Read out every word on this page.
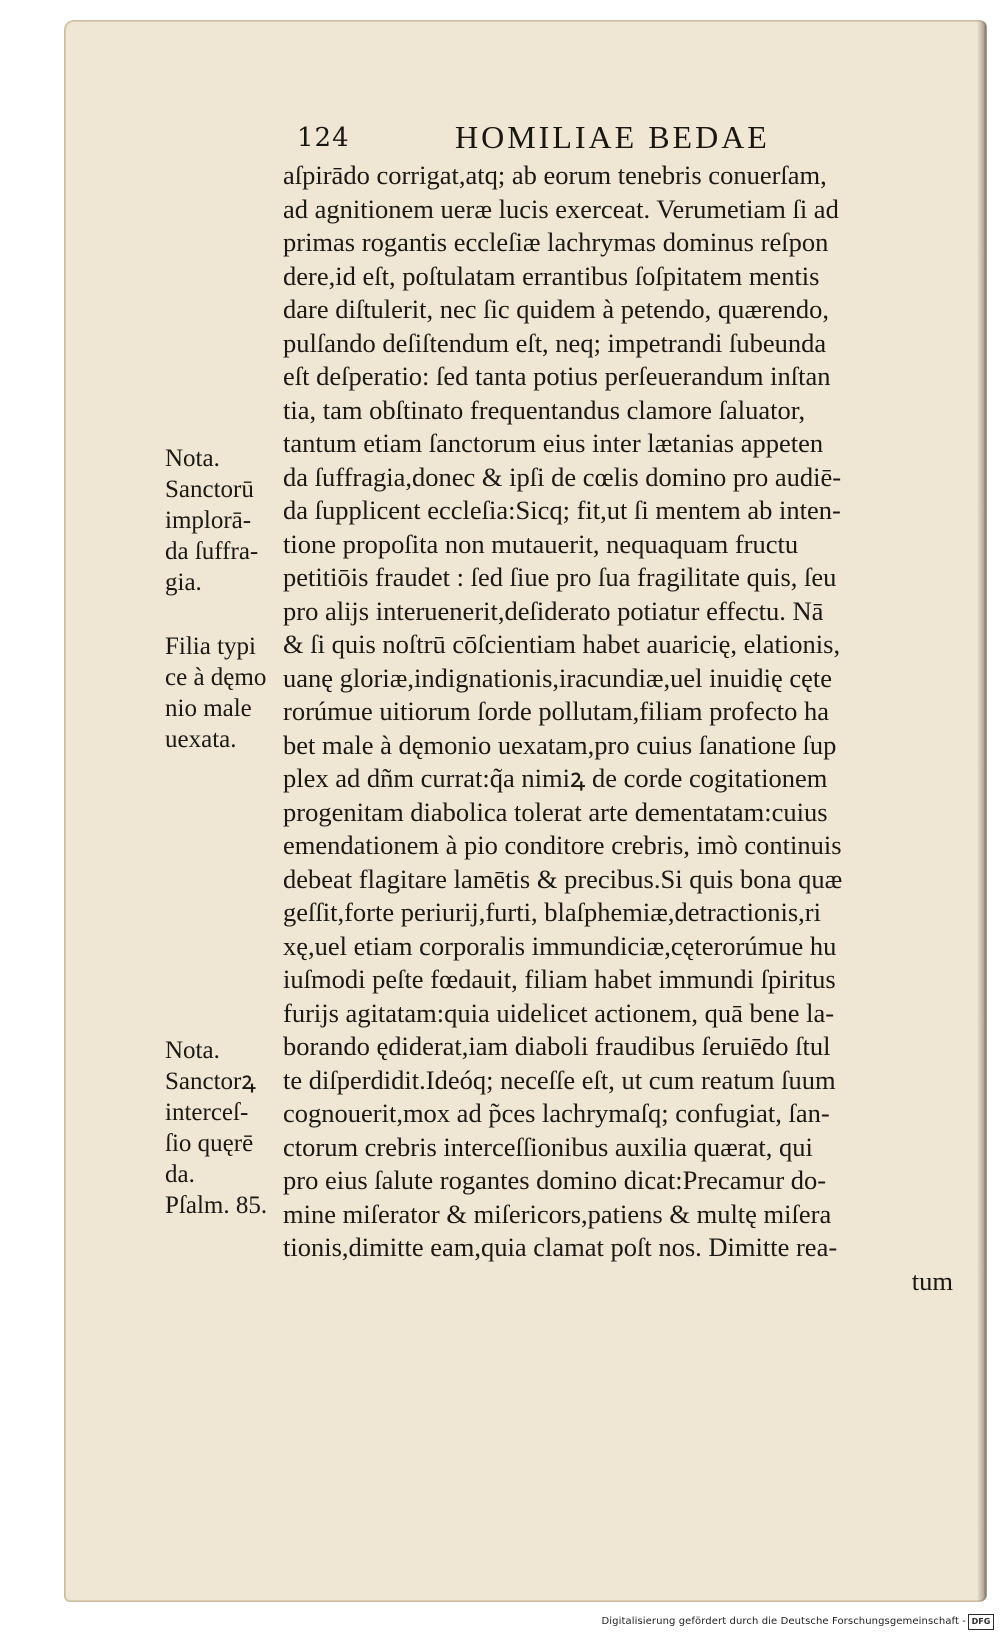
124	HOMILIAE BEDAE
aſpirādo corrigat,atq; ab eorum tenebris conuerſam,
ad agnitionem ueræ lucis exerceat. Verumetiam ſi ad
primas rogantis eccleſiæ lachrymas dominus reſpon
dere,id eſt, poſtulatam errantibus ſoſpitatem mentis
dare diſtulerit, nec ſic quidem à petendo, quærendo,
pulſando deſiſtendum eſt, neq; impetrandi ſubeunda
eſt deſperatio: ſed tanta potius perſeuerandum inſtan
tia, tam obſtinato frequentandus clamore ſaluator,
tantum etiam ſanctorum eius inter lætanias appeten
da ſuffragia,donec & ipſi de cœlis domino pro audiē-
da ſupplicent eccleſia:Sicq; fit,ut ſi mentem ab inten-
tione propoſita non mutauerit, nequaquam fructu
petitiōis fraudet : ſed ſiue pro ſua fragilitate quis, ſeu
pro alijs interuenerit,deſiderato potiatur effectu. Nā
& ſi quis noſtrū cōſcientiam habet auaricię, elationis,
uanę gloriæ,indignationis,iracundiæ,uel inuidię cęte
rorúmue uitiorum ſorde pollutam,filiam profecto ha
bet male à dęmonio uexatam,pro cuius ſanatione ſup
plex ad dñm currat:q̃a nimiꝝ de corde cogitationem
progenitam diabolica tolerat arte dementatam:cuius
emendationem à pio conditore crebris, imò continuis
debeat flagitare lamētis & precibus.Si quis bona quæ
geſſit,forte periurij,furti, blaſphemiæ,detractionis,ri
xę,uel etiam corporalis immundiciæ,cęterorúmue hu
iuſmodi peſte fœdauit, filiam habet immundi ſpiritus
furijs agitatam:quia uidelicet actionem, quā bene la-
borando ędiderat,iam diaboli fraudibus ſeruiēdo ſtul
te diſperdidit.Ideóq; neceſſe eſt, ut cum reatum ſuum
cognouerit,mox ad p̃ces lachrymaſq; confugiat, ſan-
ctorum crebris interceſſionibus auxilia quærat, qui
pro eius ſalute rogantes domino dicat:Precamur do-
mine miſerator & miſericors,patiens & multę miſera
tionis,dimitte eam,quia clamat poſt nos. Dimitte rea-
tum
Nota.
Sanctorū
implorā-
da ſuffra-
gia.
Filia typi
ce à dęmo
nio male
uexata.
Nota.
Sanctorꝝ
interceſ-
ſio quęrē
da.
Pſalm. 85.
Digitalisierung gefördert durch die Deutsche Forschungsgemeinschaft - DFG
